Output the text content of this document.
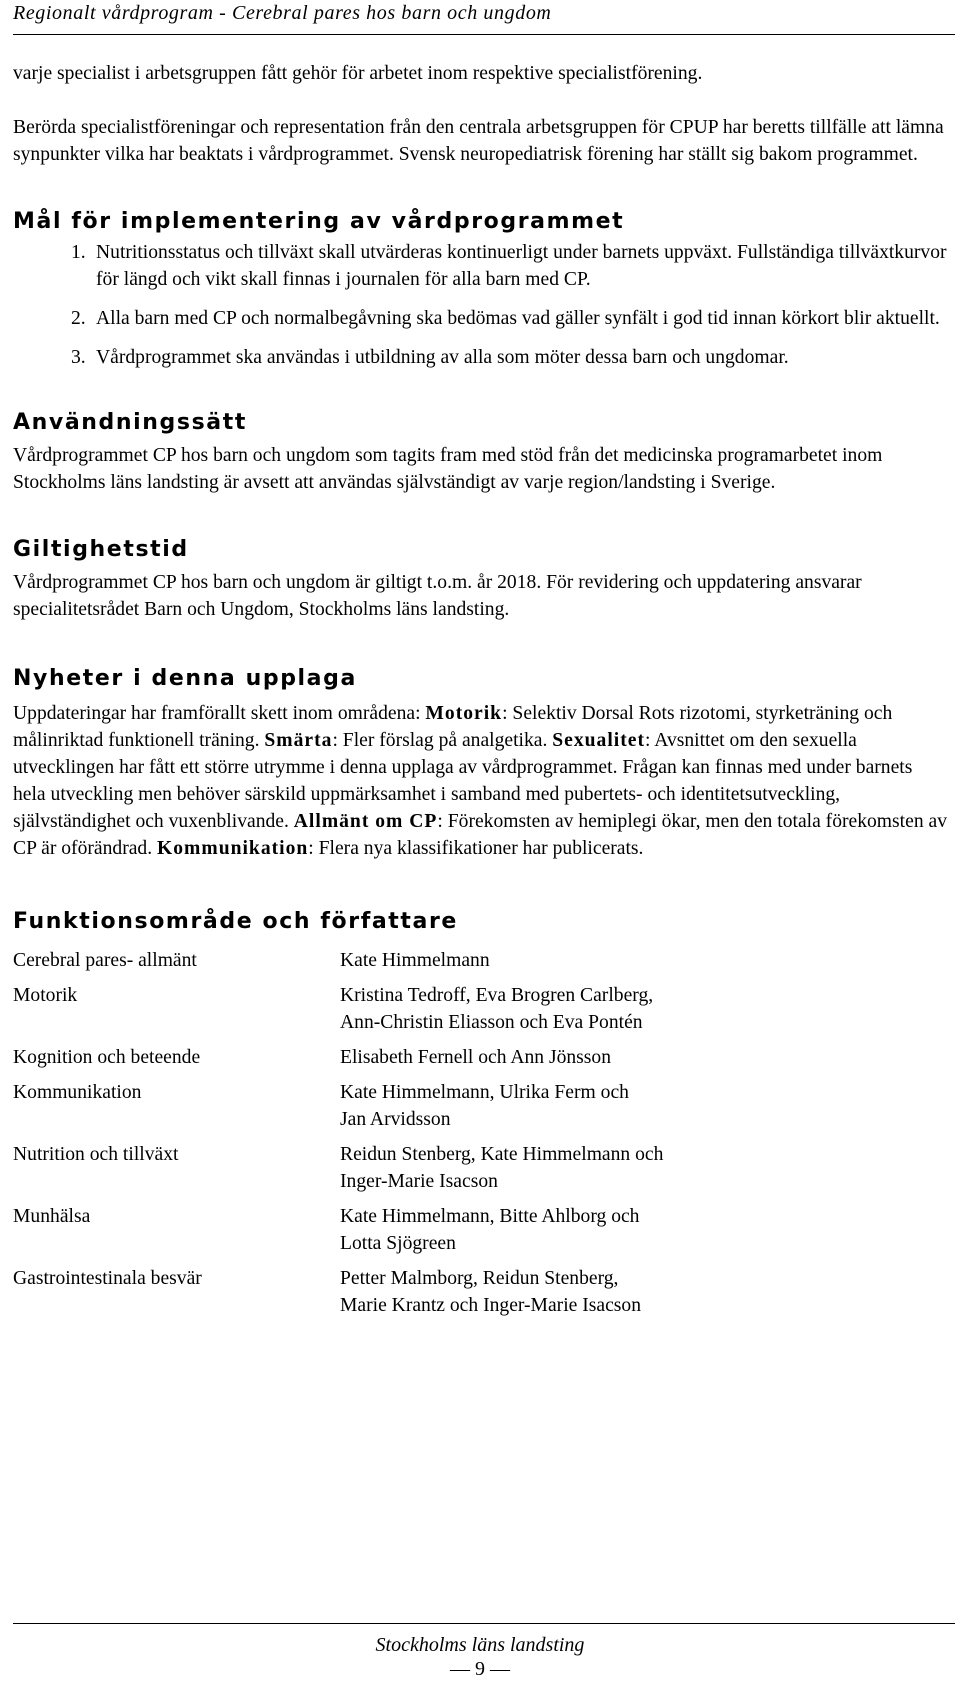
Regionalt vårdprogram - Cerebral pares hos barn och ungdom

varje specialist i arbetsgruppen fått gehör för arbetet inom respektive specialistförening.

Berörda specialistföreningar och representation från den centrala arbetsgruppen för CPUP har beretts tillfälle att lämna synpunkter vilka har beaktats i vårdprogrammet. Svensk neuropediatrisk förening har ställt sig bakom programmet.

Mål för implementering av vårdprogrammet
1. Nutritionsstatus och tillväxt skall utvärderas kontinuerligt under barnets uppväxt. Fullständiga tillväxtkurvor för längd och vikt skall finnas i journalen för alla barn med CP.
2. Alla barn med CP och normalbegåvning ska bedömas vad gäller synfält i god tid innan körkort blir aktuellt.
3. Vårdprogrammet ska användas i utbildning av alla som möter dessa barn och ungdomar.
Användningssätt

Vårdprogrammet CP hos barn och ungdom som tagits fram med stöd från det medicinska programarbetet inom Stockholms läns landsting är avsett att användas självständigt av varje region/landsting i Sverige.

Giltighetstid

Vårdprogrammet CP hos barn och ungdom är giltigt t.o.m. år 2018. För revidering och uppdatering ansvarar specialitetsrådet Barn och Ungdom, Stockholms läns landsting.

Nyheter i denna upplaga

Uppdateringar har framförallt skett inom områdena: Motorik: Selektiv Dorsal Rots rizotomi, styrketräning och målinriktad funktionell träning. Smärta: Fler förslag på analgetika. Sexualitet: Avsnittet om den sexuella utvecklingen har fått ett större utrymme i denna upplaga av vårdprogrammet. Frågan kan finnas med under barnets hela utveckling men behöver särskild uppmärksamhet i samband med pubertets- och identitetsutveckling, självständighet och vuxenblivande. Allmänt om CP: Förekomsten av hemiplegi ökar, men den totala förekomsten av CP är oförändrad. Kommunikation: Flera nya klassifikationer har publicerats.

Funktionsområde och författare
Cerebral pares- allmänt	Kate Himmelmann
Motorik	Kristina Tedroff, Eva Brogren Carlberg,
Ann-Christin Eliasson och Eva Pontén
Kognition och beteende	Elisabeth Fernell och Ann Jönsson
Kommunikation	Kate Himmelmann, Ulrika Ferm och
Jan Arvidsson
Nutrition och tillväxt	Reidun Stenberg, Kate Himmelmann och
Inger-Marie Isacson
Munhälsa	Kate Himmelmann, Bitte Ahlborg och
Lotta Sjögreen
Gastrointestinala besvär	Petter Malmborg, Reidun Stenberg,
Marie Krantz och Inger-Marie Isacson
Stockholms läns landsting
— 9 —
